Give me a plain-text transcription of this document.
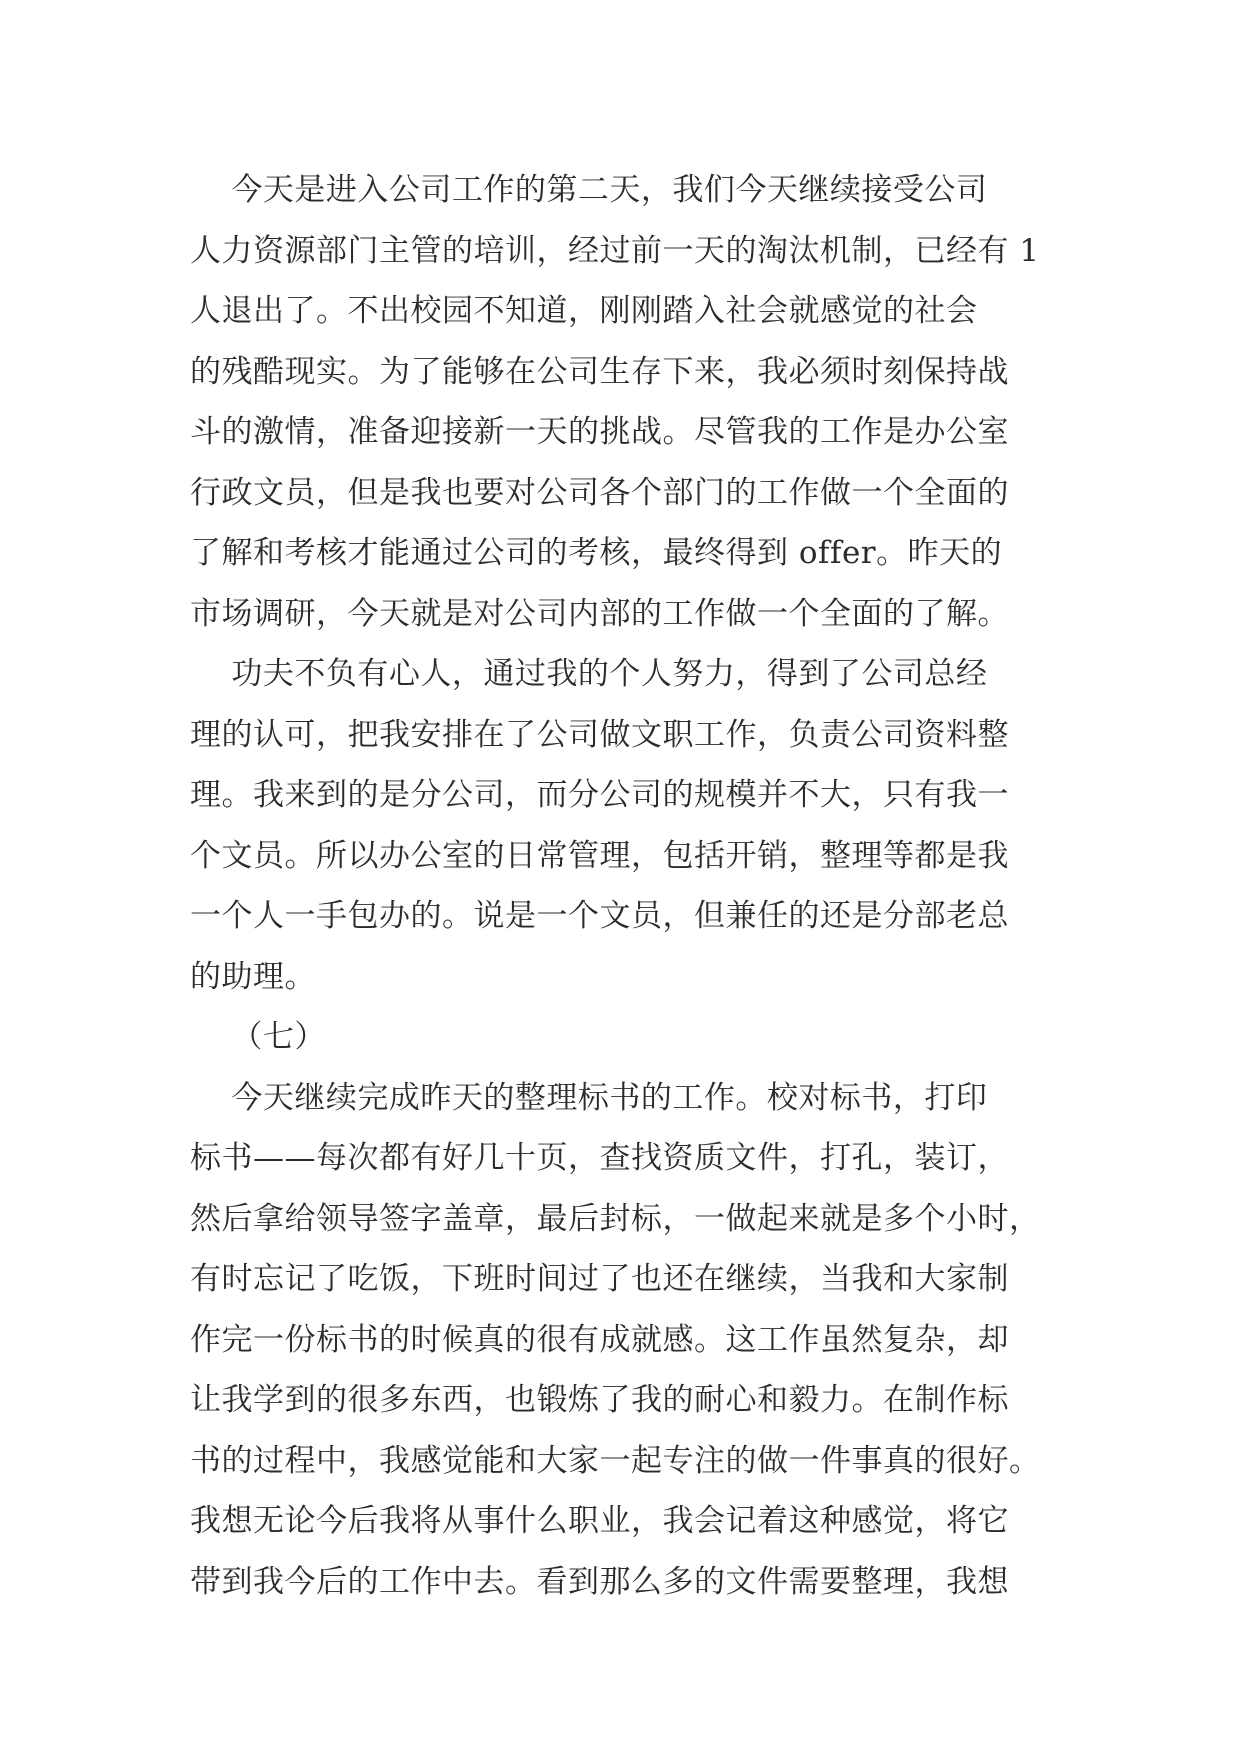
今天是进入公司工作的第二天，我们今天继续接受公司
人力资源部门主管的培训，经过前一天的淘汰机制，已经有 1
人退出了。不出校园不知道，刚刚踏入社会就感觉的社会
的残酷现实。为了能够在公司生存下来，我必须时刻保持战
斗的激情，准备迎接新一天的挑战。尽管我的工作是办公室
行政文员，但是我也要对公司各个部门的工作做一个全面的
了解和考核才能通过公司的考核，最终得到 offer。昨天的
市场调研，今天就是对公司内部的工作做一个全面的了解。
功夫不负有心人，通过我的个人努力，得到了公司总经
理的认可，把我安排在了公司做文职工作，负责公司资料整
理。我来到的是分公司，而分公司的规模并不大，只有我一
个文员。所以办公室的日常管理，包括开销，整理等都是我
一个人一手包办的。说是一个文员，但兼任的还是分部老总
的助理。
（七）
今天继续完成昨天的整理标书的工作。校对标书，打印
标书——每次都有好几十页，查找资质文件，打孔，装订，
然后拿给领导签字盖章，最后封标，一做起来就是多个小时，
有时忘记了吃饭，下班时间过了也还在继续，当我和大家制
作完一份标书的时候真的很有成就感。这工作虽然复杂，却
让我学到的很多东西，也锻炼了我的耐心和毅力。在制作标
书的过程中，我感觉能和大家一起专注的做一件事真的很好。
我想无论今后我将从事什么职业，我会记着这种感觉，将它
带到我今后的工作中去。看到那么多的文件需要整理，我想
